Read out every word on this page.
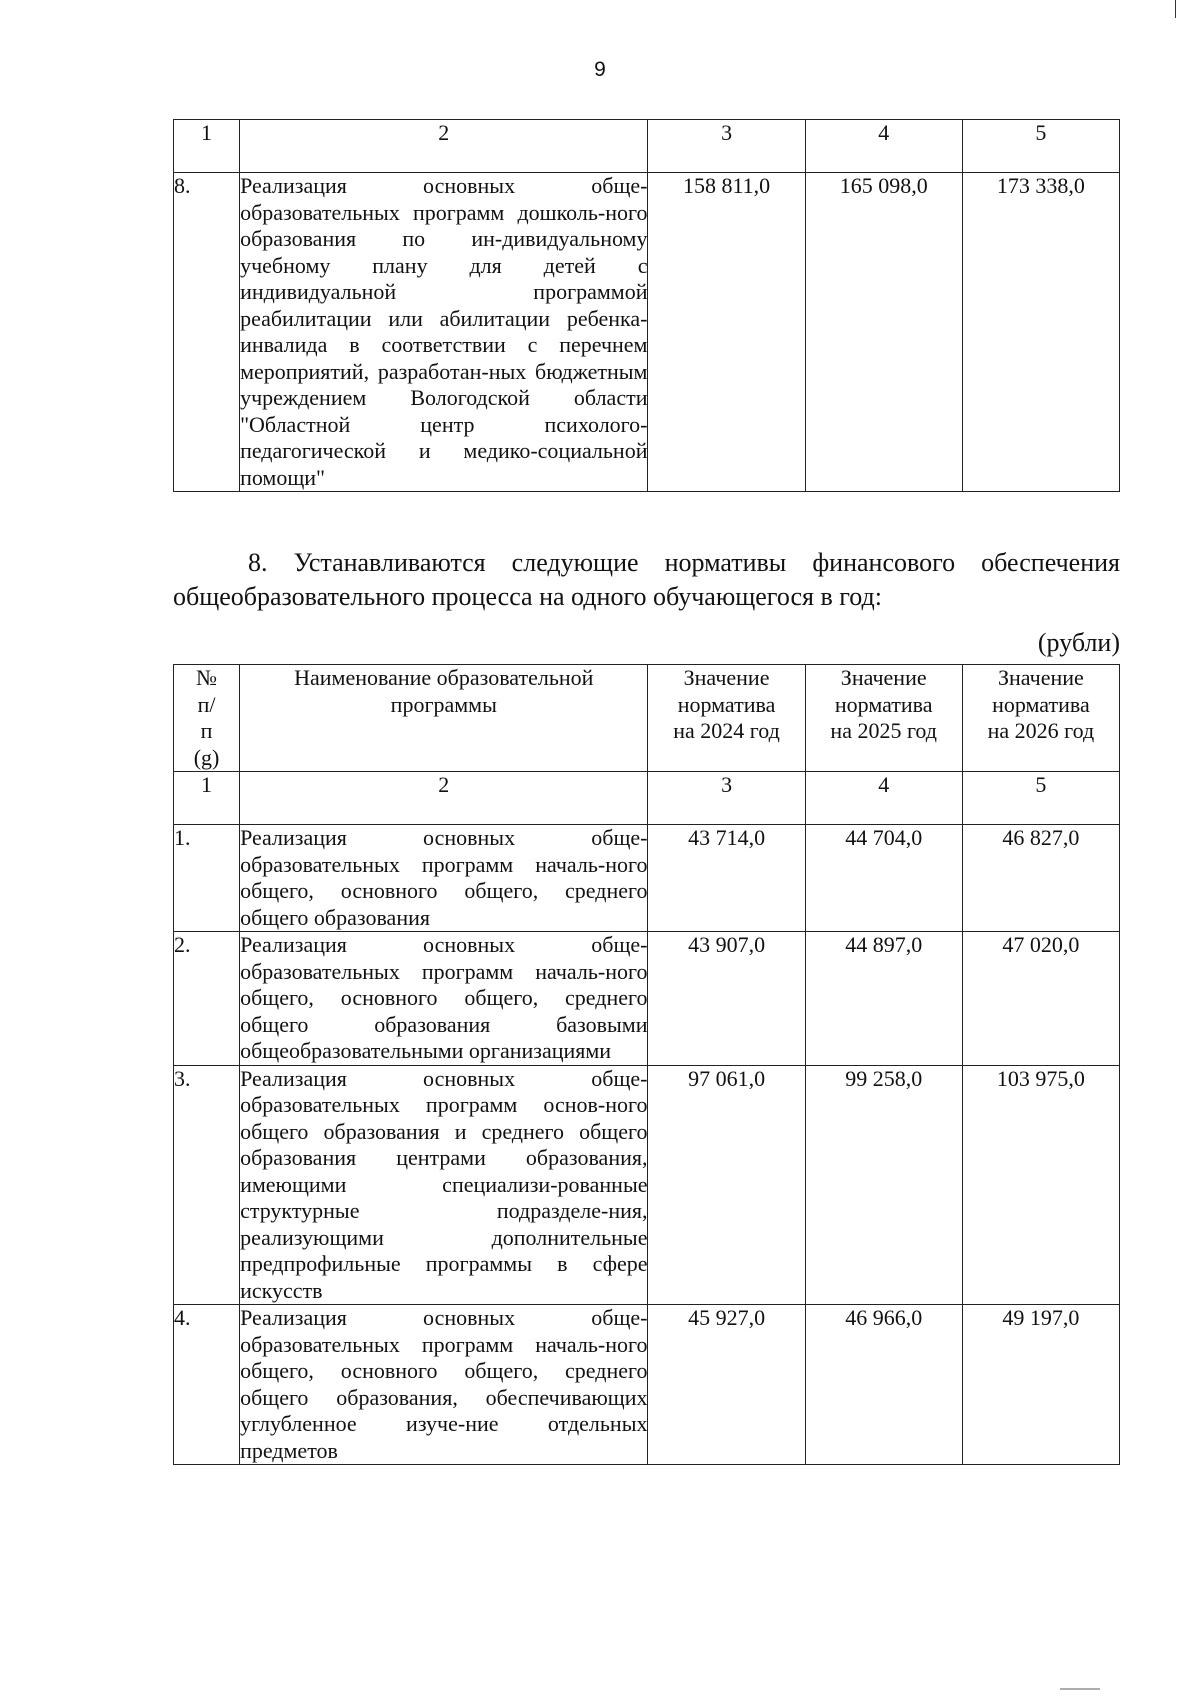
9
1	2	3	4	5
8.	Реализация основных обще-образовательных программ дошколь-ного образования по ин-дивидуальному учебному плану для детей с индивидуальной программой реабилитации или абилитации ребенка-инвалида в соответствии с перечнем мероприятий, разработан-ных бюджетным учреждением Вологодской области "Областной центр психолого-педагогической и медико-социальной помощи"	158 811,0	165 098,0	173 338,0
8. Устанавливаются следующие нормативы финансового обеспечения общеобразовательного процесса на одного обучающегося в год:
(рубли)
№ п/п (g)	Наименование образовательной программы	Значение норматива на 2024 год	Значение норматива на 2025 год	Значение норматива на 2026 год
1	2	3	4	5
1.	Реализация основных обще-образовательных программ началь-ного общего, основного общего, среднего общего образования	43 714,0	44 704,0	46 827,0
2.	Реализация основных обще-образовательных программ началь-ного общего, основного общего, среднего общего образования базовыми общеобразовательными организациями	43 907,0	44 897,0	47 020,0
3.	Реализация основных обще-образовательных программ основ-ного общего образования и среднего общего образования центрами образования, имеющими специализи-рованные структурные подразделе-ния, реализующими дополнительные предпрофильные программы в сфере искусств	97 061,0	99 258,0	103 975,0
4.	Реализация основных обще-образовательных программ началь-ного общего, основного общего, среднего общего образования, обеспечивающих углубленное изуче-ние отдельных предметов	45 927,0	46 966,0	49 197,0
